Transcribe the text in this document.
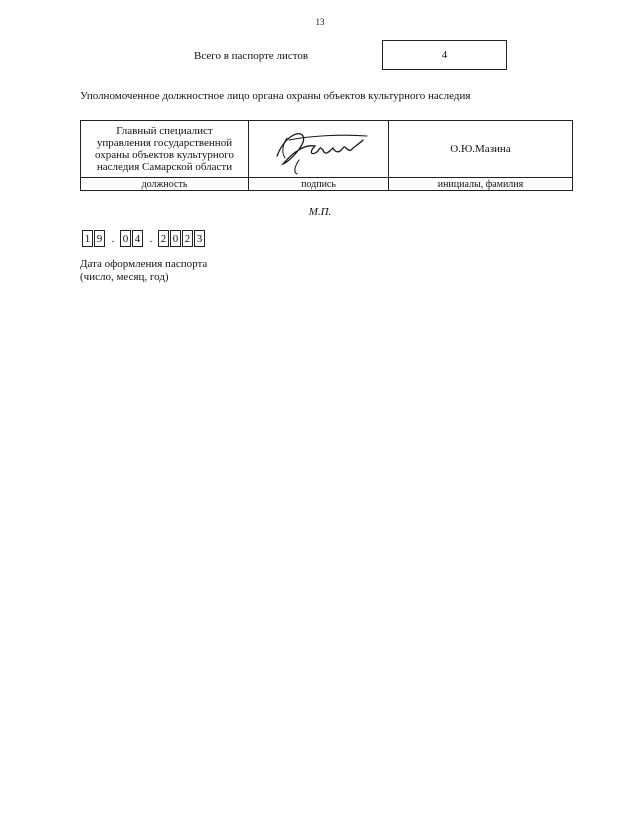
13
Всего в паспорте листов	4
Уполномоченное должностное лицо органа охраны объектов культурного наследия
Главный специалист
управления государственной
охраны объектов культурного
наследия Самарской области		О.Ю.Мазина
должность	подпись	инициалы, фамилия
М.П.
1 9 . 0 4 . 2 0 2 3
Дата оформления паспорта
(число, месяц, год)
